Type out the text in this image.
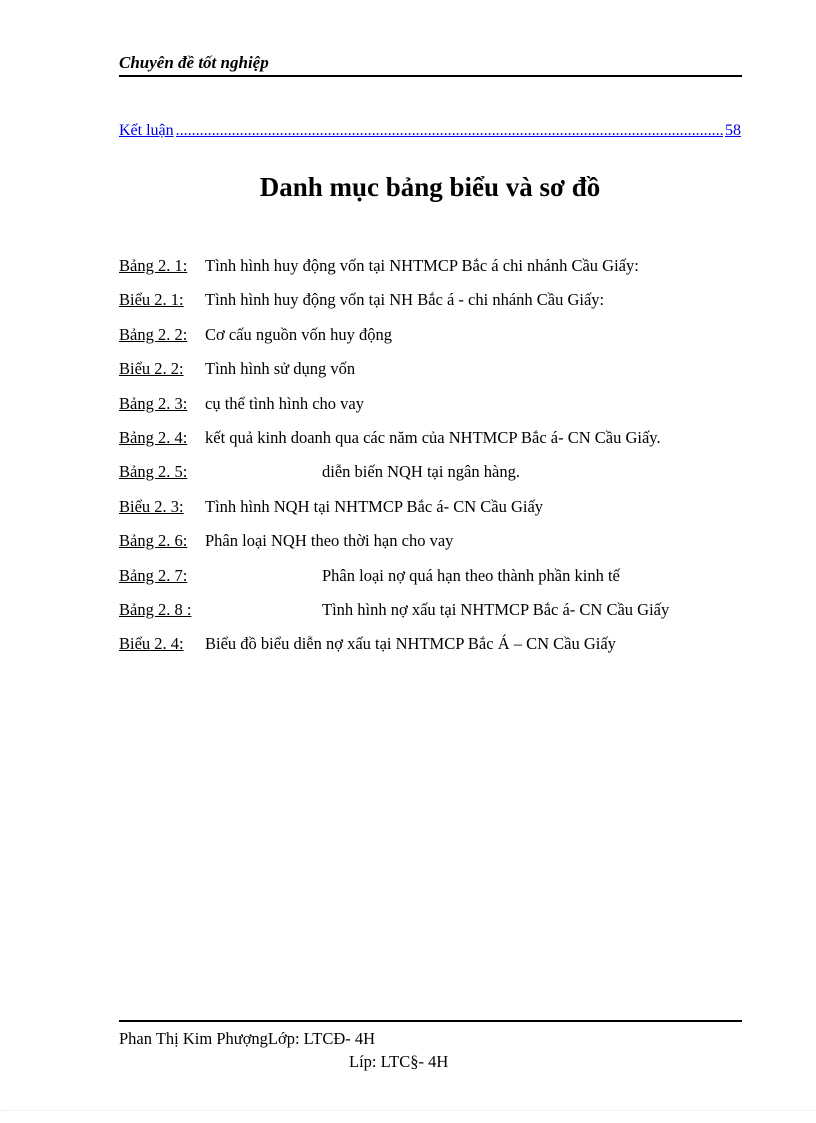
Chuyên đề tốt nghiệp
Kết luận
.....	58
Danh mục bảng biểu và sơ đồ
Bảng 2. 1: Tình hình huy động vốn tại NHTMCP Bắc á chi nhánh Cầu Giấy:
Biểu 2. 1: Tình hình huy động vốn tại NH Bắc á - chi nhánh Cầu Giấy:
Bảng 2. 2: Cơ cấu nguồn vốn huy động
Biểu 2. 2: Tình hình sử dụng vốn
Bảng 2. 3: cụ thể tình hình cho vay
Bảng 2. 4: kết quả kinh doanh qua các năm của NHTMCP Bắc á- CN Cầu Giấy.
Bảng 2. 5:	diễn biến NQH tại ngân hàng.
Biểu 2. 3: Tình hình NQH tại NHTMCP Bắc á- CN Cầu Giấy
Bảng 2. 6: Phân loại NQH theo thời hạn cho vay
Bảng 2. 7:	Phân loại nợ quá hạn theo thành phần kinh tế
Bảng 2. 8 :	Tình hình nợ xấu tại NHTMCP Bắc á- CN Cầu Giấy
Biểu 2. 4: Biểu đồ biểu diễn nợ xấu tại NHTMCP Bắc Á – CN Cầu Giấy
Phan Thị Kim PhượngLớp: LTCĐ- 4H
Líp: LTC§- 4H
